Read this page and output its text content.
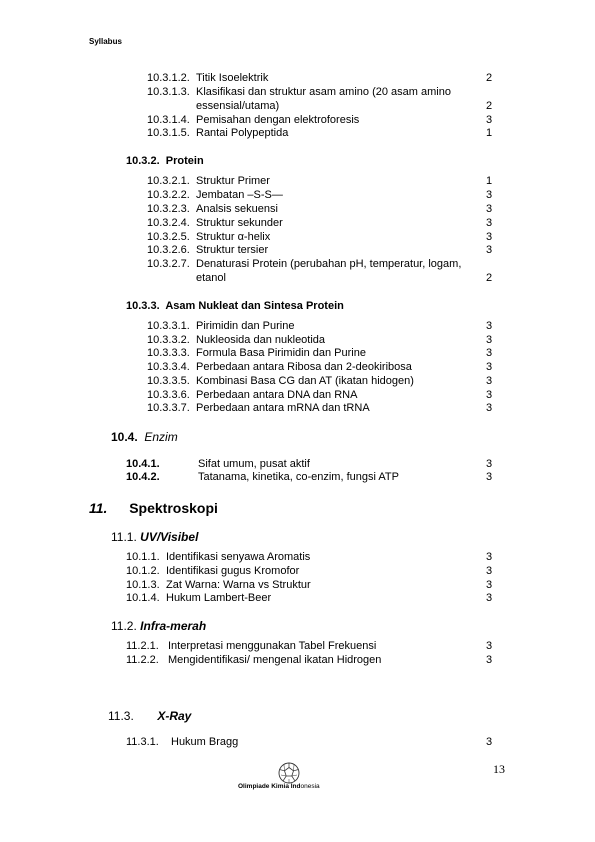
Syllabus
10.3.1.2. Titik Isoelektrik	2
10.3.1.3. Klasifikasi dan struktur asam amino (20 asam amino
essensial/utama)	2
10.3.1.4. Pemisahan dengan elektroforesis	3
10.3.1.5. Rantai Polypeptida	1
10.3.2. Protein
10.3.2.1. Struktur Primer	1
10.3.2.2. Jembatan –S-S—	3
10.3.2.3. Analsis sekuensi	3
10.3.2.4. Struktur sekunder	3
10.3.2.5. Struktur α-helix	3
10.3.2.6. Struktur tersier	3
10.3.2.7. Denaturasi Protein (perubahan pH, temperatur, logam,
etanol	2
10.3.3. Asam Nukleat dan Sintesa Protein
10.3.3.1. Pirimidin dan Purine	3
10.3.3.2. Nukleosida dan nukleotida	3
10.3.3.3. Formula Basa Pirimidin dan Purine	3
10.3.3.4. Perbedaan antara Ribosa dan 2-deokiribosa	3
10.3.3.5. Kombinasi Basa CG dan AT (ikatan hidogen)	3
10.3.3.6. Perbedaan antara DNA dan RNA	3
10.3.3.7. Perbedaan antara mRNA dan tRNA	3
10.4. Enzim
10.4.1.	Sifat umum, pusat aktif	3
10.4.2.	Tatanama, kinetika, co-enzim, fungsi ATP	3
11. Spektroskopi
11.1. UV/Visibel
10.1.1. Identifikasi senyawa Aromatis	3
10.1.2. Identifikasi gugus Kromofor	3
10.1.3. Zat Warna: Warna vs Struktur	3
10.1.4. Hukum Lambert-Beer	3
11.2. Infra-merah
11.2.1. Interpretasi menggunakan Tabel Frekuensi	3
11.2.2. Mengidentifikasi/ mengenal ikatan Hidrogen	3
11.3. X-Ray
11.3.1. Hukum Bragg	3
13
Olimpiade Kimia Indonesia
